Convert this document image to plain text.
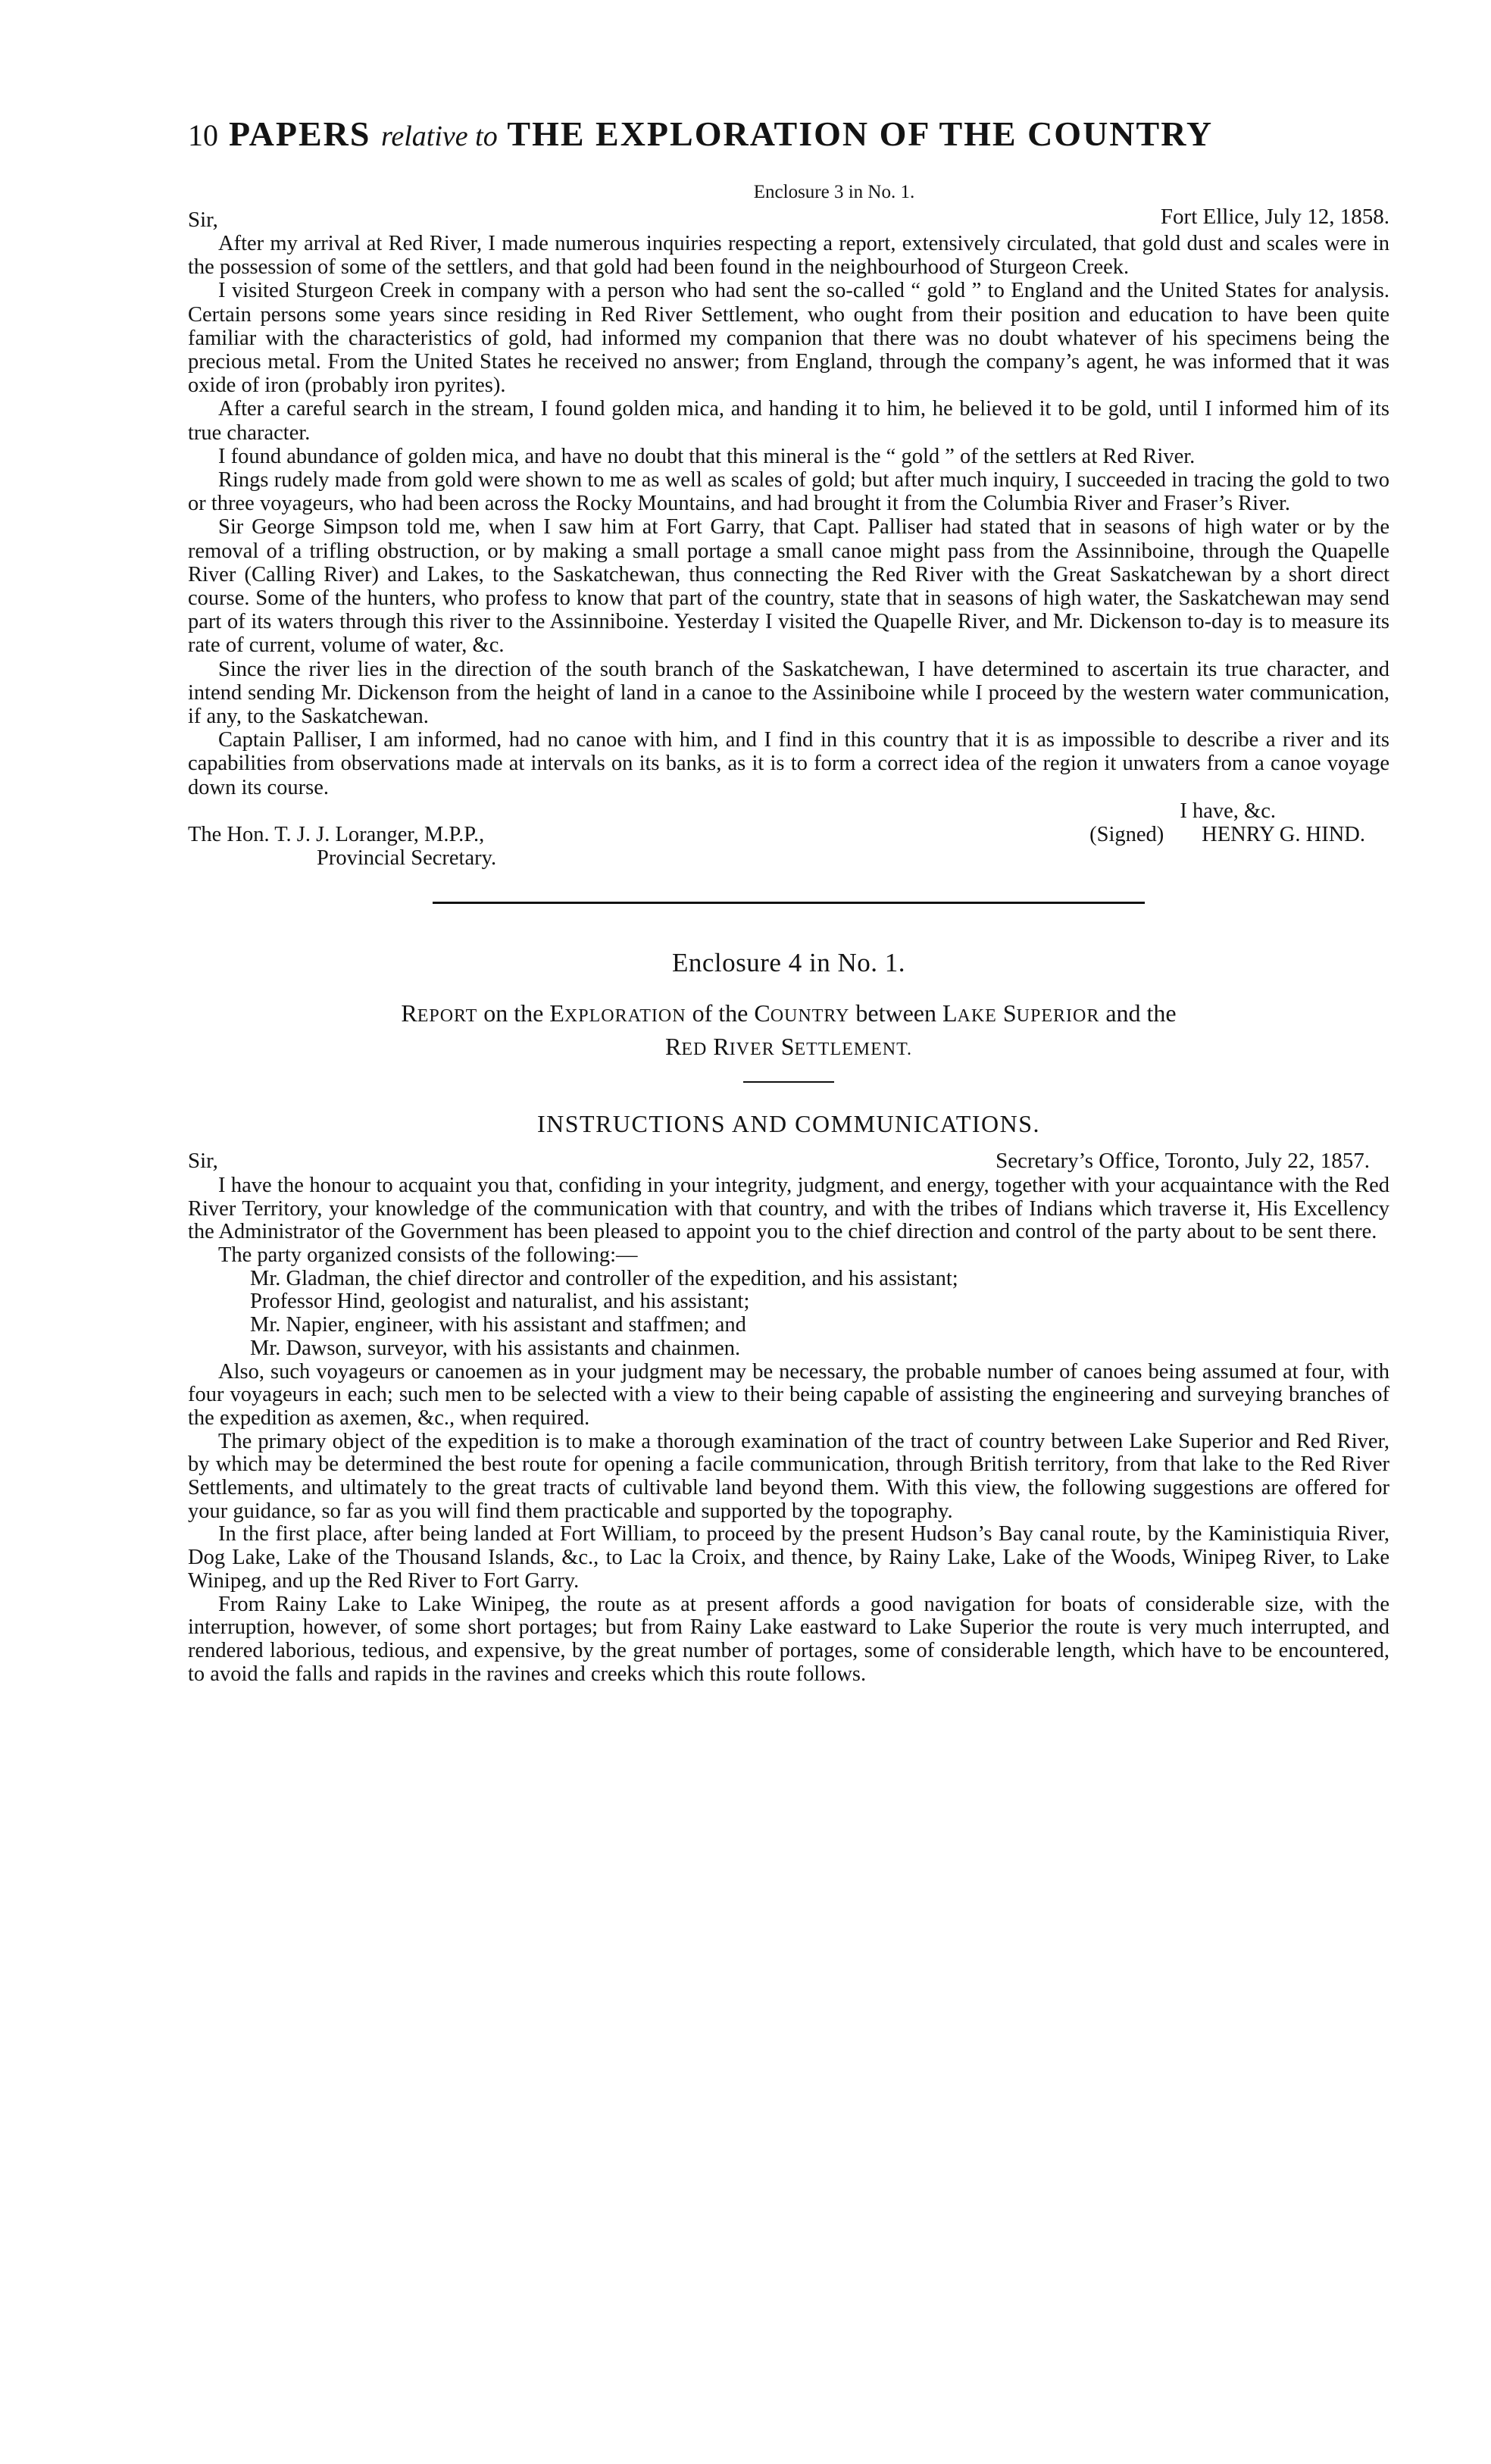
10 PAPERS relative to THE EXPLORATION OF THE COUNTRY
Enclosure 3 in No. 1.
Sir,	Fort Ellice, July 12, 1858.

After my arrival at Red River, I made numerous inquiries respecting a report, extensively circulated, that gold dust and scales were in the possession of some of the settlers, and that gold had been found in the neighbourhood of Sturgeon Creek.

I visited Sturgeon Creek in company with a person who had sent the so-called “ gold ” to England and the United States for analysis. Certain persons some years since residing in Red River Settlement, who ought from their position and education to have been quite familiar with the characteristics of gold, had informed my companion that there was no doubt whatever of his specimens being the precious metal. From the United States he received no answer; from England, through the company’s agent, he was informed that it was oxide of iron (probably iron pyrites).

After a careful search in the stream, I found golden mica, and handing it to him, he believed it to be gold, until I informed him of its true character.

I found abundance of golden mica, and have no doubt that this mineral is the “ gold ” of the settlers at Red River.

Rings rudely made from gold were shown to me as well as scales of gold; but after much inquiry, I succeeded in tracing the gold to two or three voyageurs, who had been across the Rocky Mountains, and had brought it from the Columbia River and Fraser’s River.

Sir George Simpson told me, when I saw him at Fort Garry, that Capt. Palliser had stated that in seasons of high water or by the removal of a trifling obstruction, or by making a small portage a small canoe might pass from the Assinniboine, through the Quapelle River (Calling River) and Lakes, to the Saskatchewan, thus connecting the Red River with the Great Saskatchewan by a short direct course. Some of the hunters, who profess to know that part of the country, state that in seasons of high water, the Saskatchewan may send part of its waters through this river to the Assinniboine. Yesterday I visited the Quapelle River, and Mr. Dickenson to-day is to measure its rate of current, volume of water, &c.

Since the river lies in the direction of the south branch of the Saskatchewan, I have determined to ascertain its true character, and intend sending Mr. Dickenson from the height of land in a canoe to the Assiniboine while I proceed by the western water communication, if any, to the Saskatchewan.

Captain Palliser, I am informed, had no canoe with him, and I find in this country that it is as impossible to describe a river and its capabilities from observations made at intervals on its banks, as it is to form a correct idea of the region it unwaters from a canoe voyage down its course.

I have, &c.
The Hon. T. J. J. Loranger, M.P.P.,	(Signed) HENRY G. HIND.
Provincial Secretary.
Enclosure 4 in No. 1.
REPORT on the EXPLORATION of the COUNTRY between LAKE SUPERIOR and the
RED RIVER SETTLEMENT.
INSTRUCTIONS AND COMMUNICATIONS.
Sir,	Secretary’s Office, Toronto, July 22, 1857.

I have the honour to acquaint you that, confiding in your integrity, judgment, and energy, together with your acquaintance with the Red River Territory, your knowledge of the communication with that country, and with the tribes of Indians which traverse it, His Excellency the Administrator of the Government has been pleased to appoint you to the chief direction and control of the party about to be sent there.

The party organized consists of the following:—

Mr. Gladman, the chief director and controller of the expedition, and his assistant;
Professor Hind, geologist and naturalist, and his assistant;
Mr. Napier, engineer, with his assistant and staffmen; and
Mr. Dawson, surveyor, with his assistants and chainmen.

Also, such voyageurs or canoemen as in your judgment may be necessary, the probable number of canoes being assumed at four, with four voyageurs in each; such men to be selected with a view to their being capable of assisting the engineering and surveying branches of the expedition as axemen, &c., when required.

The primary object of the expedition is to make a thorough examination of the tract of country between Lake Superior and Red River, by which may be determined the best route for opening a facile communication, through British territory, from that lake to the Red River Settlements, and ultimately to the great tracts of cultivable land beyond them. With this view, the following suggestions are offered for your guidance, so far as you will find them practicable and supported by the topography.

In the first place, after being landed at Fort William, to proceed by the present Hudson’s Bay canal route, by the Kaministiquia River, Dog Lake, Lake of the Thousand Islands, &c., to Lac la Croix, and thence, by Rainy Lake, Lake of the Woods, Winipeg River, to Lake Winipeg, and up the Red River to Fort Garry.

From Rainy Lake to Lake Winipeg, the route as at present affords a good navigation for boats of considerable size, with the interruption, however, of some short portages; but from Rainy Lake eastward to Lake Superior the route is very much interrupted, and rendered laborious, tedious, and expensive, by the great number of portages, some of considerable length, which have to be encountered, to avoid the falls and rapids in the ravines and creeks which this route follows.
